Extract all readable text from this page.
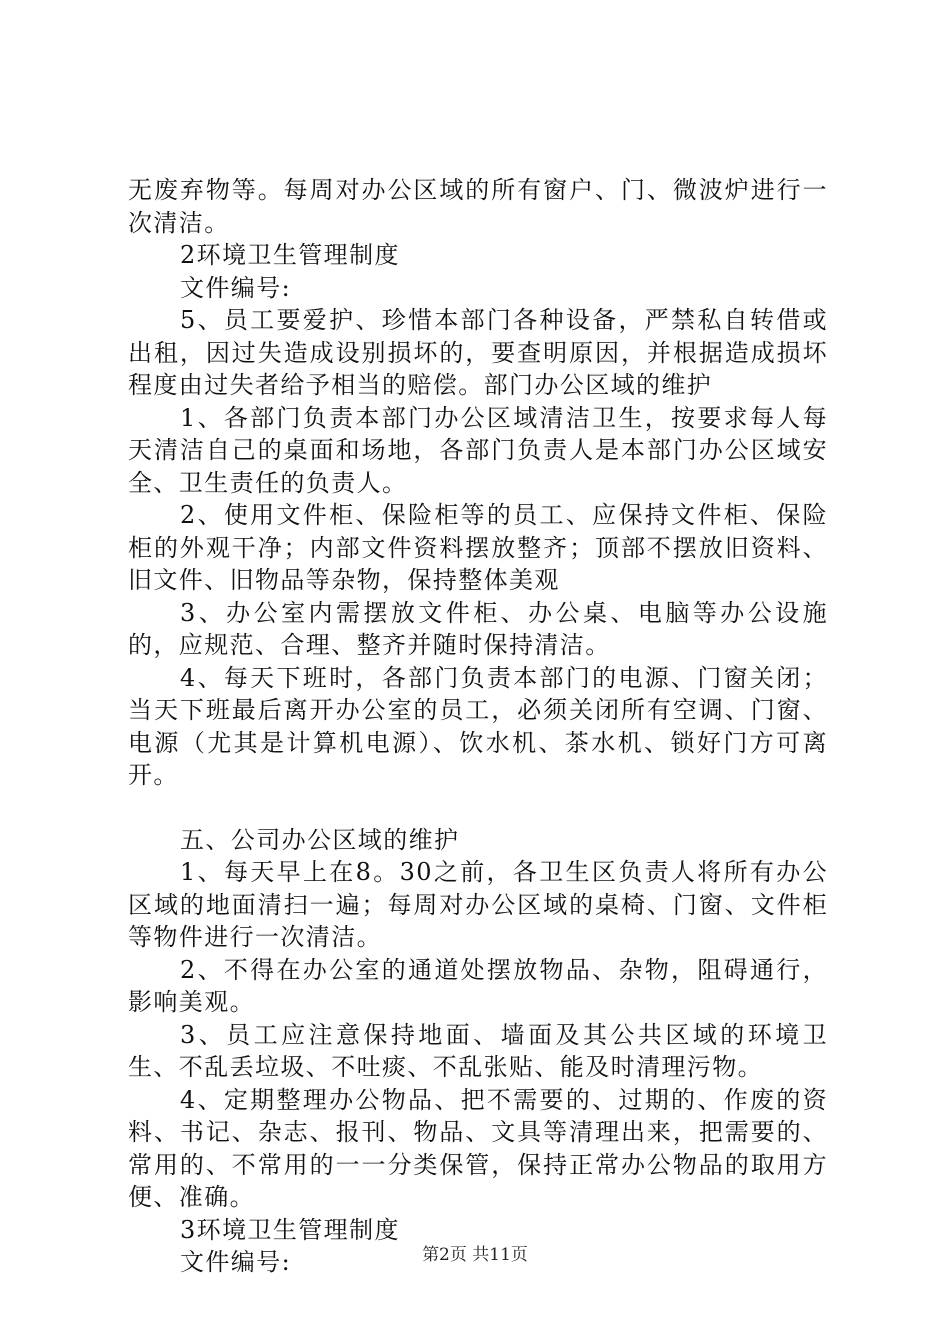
无废弃物等。每周对办公区域的所有窗户、门、微波炉进行一次清洁。

2环境卫生管理制度

文件编号:

5、员工要爱护、珍惜本部门各种设备，严禁私自转借或出租，因过失造成设别损坏的，要查明原因，并根据造成损坏程度由过失者给予相当的赔偿。部门办公区域的维护

1、各部门负责本部门办公区域清洁卫生，按要求每人每天清洁自己的桌面和场地，各部门负责人是本部门办公区域安全、卫生责任的负责人。

2、使用文件柜、保险柜等的员工、应保持文件柜、保险柜的外观干净；内部文件资料摆放整齐；顶部不摆放旧资料、旧文件、旧物品等杂物，保持整体美观

3、办公室内需摆放文件柜、办公桌、电脑等办公设施的，应规范、合理、整齐并随时保持清洁。

4、每天下班时，各部门负责本部门的电源、门窗关闭；当天下班最后离开办公室的员工，必须关闭所有空调、门窗、电源（尤其是计算机电源）、饮水机、茶水机、锁好门方可离开。

五、公司办公区域的维护

1、每天早上在8。30之前，各卫生区负责人将所有办公区域的地面清扫一遍；每周对办公区域的桌椅、门窗、文件柜等物件进行一次清洁。

2、不得在办公室的通道处摆放物品、杂物，阻碍通行，影响美观。

3、员工应注意保持地面、墙面及其公共区域的环境卫生、不乱丢垃圾、不吐痰、不乱张贴、能及时清理污物。

4、定期整理办公物品、把不需要的、过期的、作废的资料、书记、杂志、报刊、物品、文具等清理出来，把需要的、常用的、不常用的一一分类保管，保持正常办公物品的取用方便、准确。

3环境卫生管理制度

文件编号:	第2页 共11页
